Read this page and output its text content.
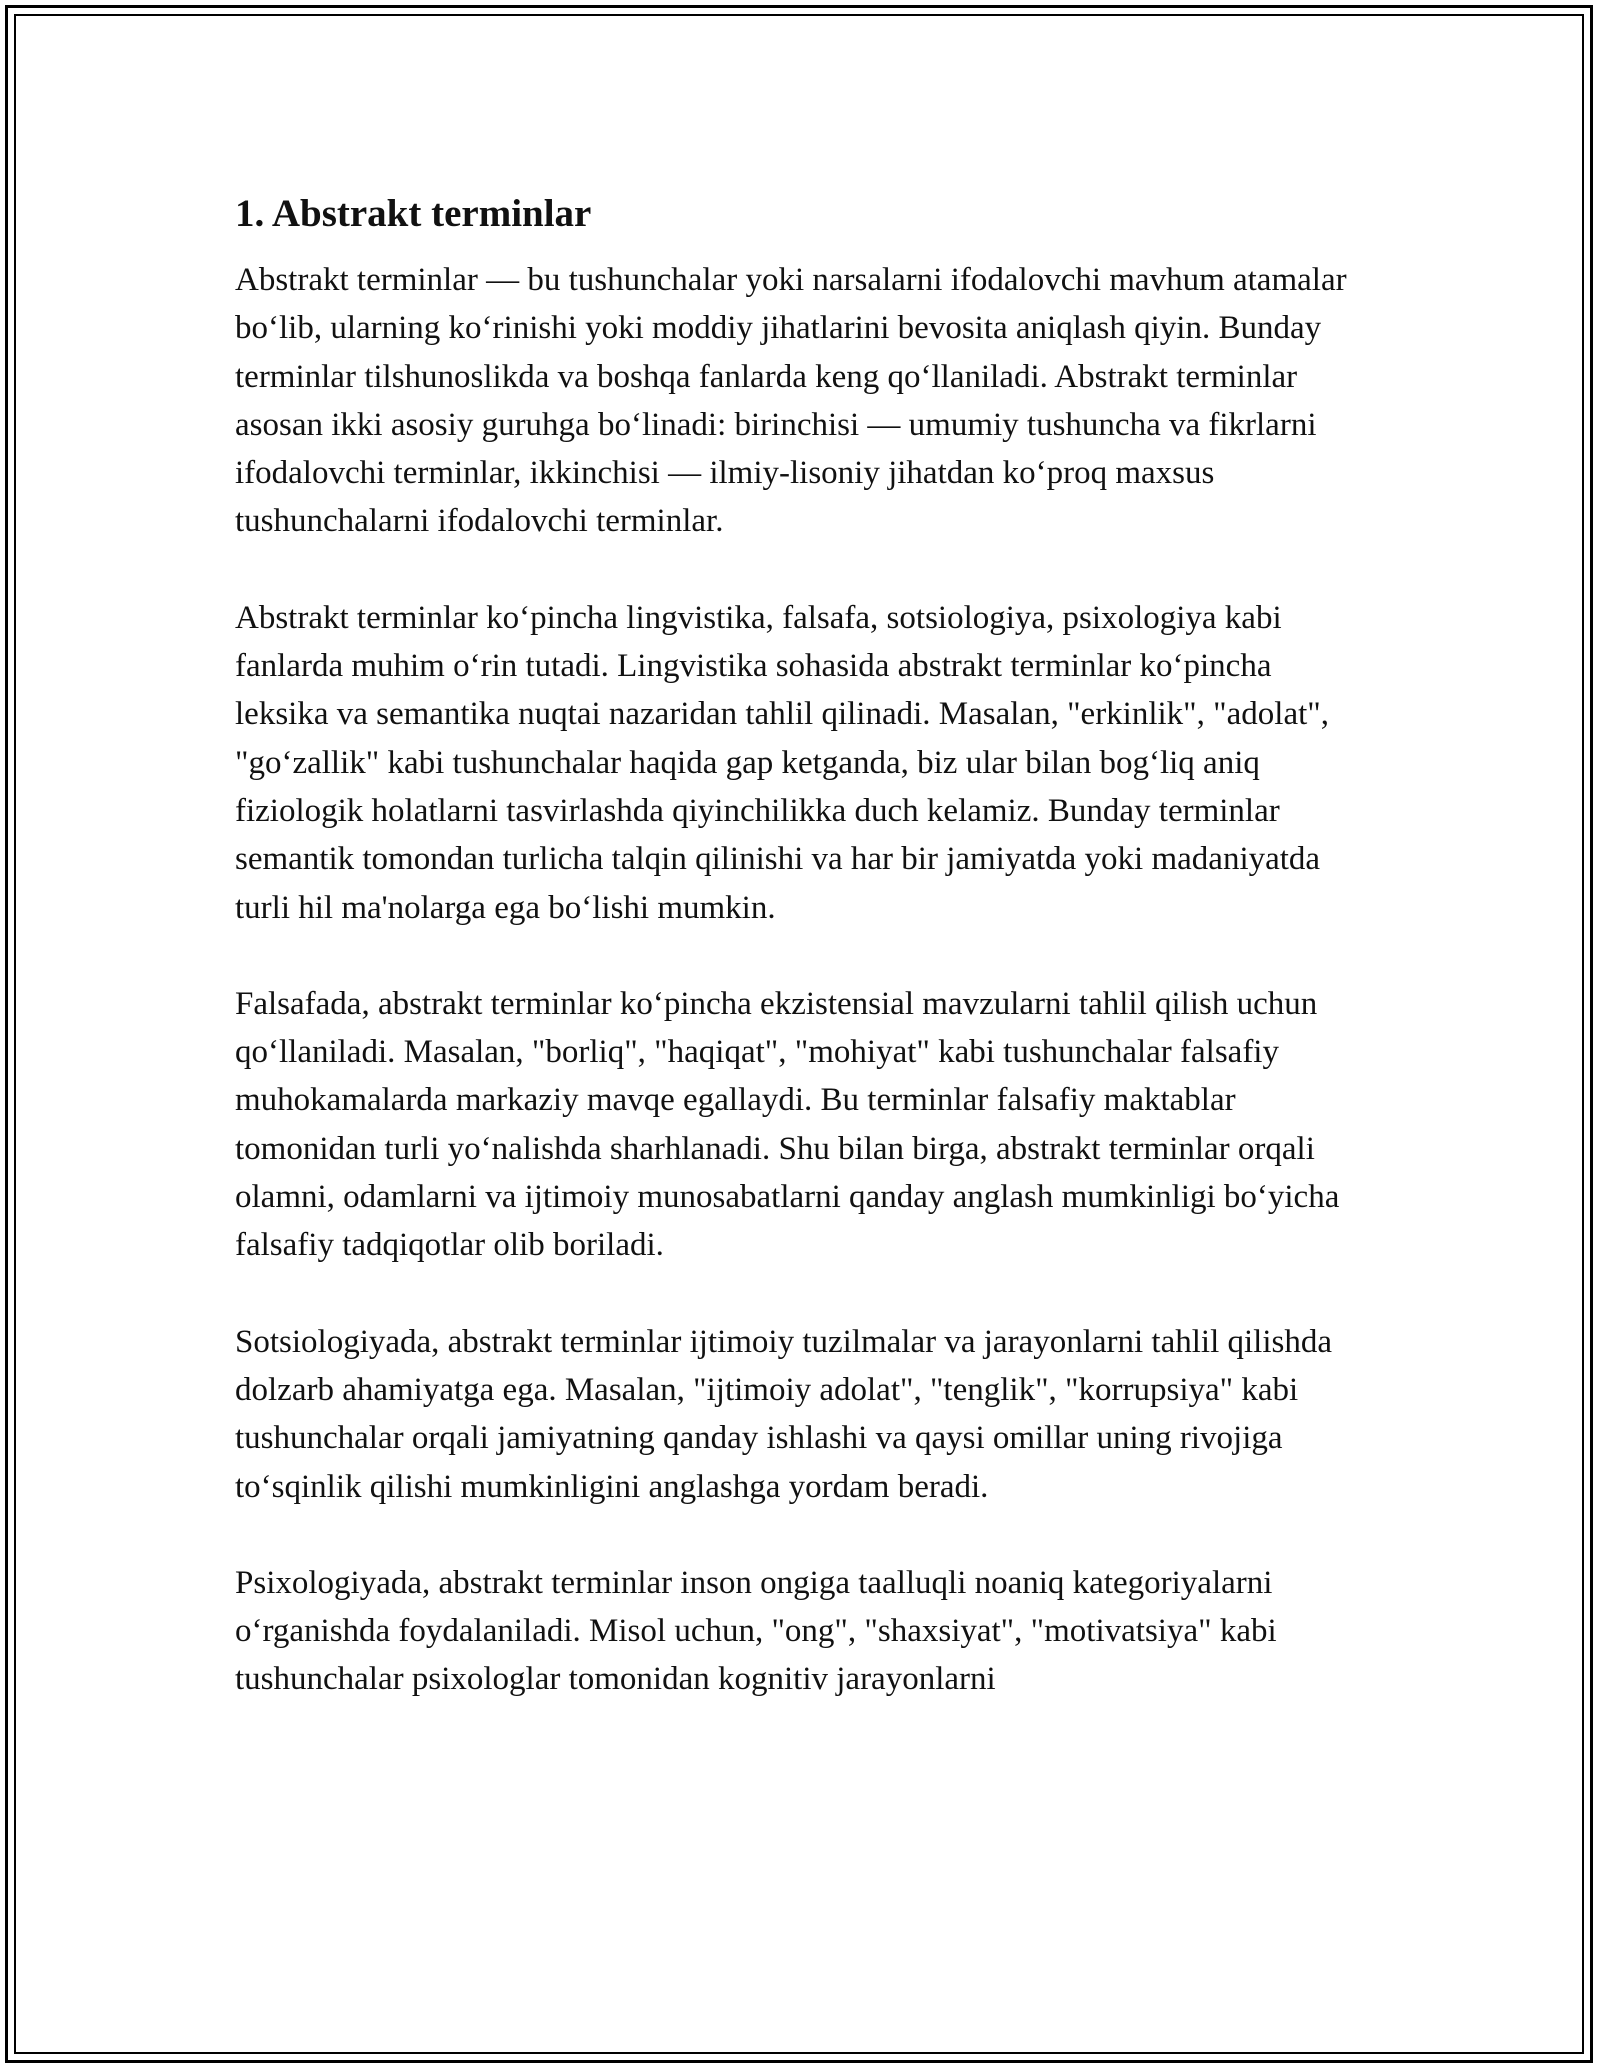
1. Abstrakt terminlar

Abstrakt terminlar — bu tushunchalar yoki narsalarni ifodalovchi mavhum atamalar bo‘lib, ularning ko‘rinishi yoki moddiy jihatlarini bevosita aniqlash qiyin. Bunday terminlar tilshunoslikda va boshqa fanlarda keng qo‘llaniladi. Abstrakt terminlar asosan ikki asosiy guruhga bo‘linadi: birinchisi — umumiy tushuncha va fikrlarni ifodalovchi terminlar, ikkinchisi — ilmiy-lisoniy jihatdan ko‘proq maxsus tushunchalarni ifodalovchi terminlar.

Abstrakt terminlar ko‘pincha lingvistika, falsafa, sotsiologiya, psixologiya kabi fanlarda muhim o‘rin tutadi. Lingvistika sohasida abstrakt terminlar ko‘pincha leksika va semantika nuqtai nazaridan tahlil qilinadi. Masalan, "erkinlik", "adolat", "go‘zallik" kabi tushunchalar haqida gap ketganda, biz ular bilan bog‘liq aniq fiziologik holatlarni tasvirlashda qiyinchilikka duch kelamiz. Bunday terminlar semantik tomondan turlicha talqin qilinishi va har bir jamiyatda yoki madaniyatda turli hil ma'nolarga ega bo‘lishi mumkin.

Falsafada, abstrakt terminlar ko‘pincha ekzistensial mavzularni tahlil qilish uchun qo‘llaniladi. Masalan, "borliq", "haqiqat", "mohiyat" kabi tushunchalar falsafiy muhokamalarda markaziy mavqe egallaydi. Bu terminlar falsafiy maktablar tomonidan turli yo‘nalishda sharhlanadi. Shu bilan birga, abstrakt terminlar orqali olamni, odamlarni va ijtimoiy munosabatlarni qanday anglash mumkinligi bo‘yicha falsafiy tadqiqotlar olib boriladi.

Sotsiologiyada, abstrakt terminlar ijtimoiy tuzilmalar va jarayonlarni tahlil qilishda dolzarb ahamiyatga ega. Masalan, "ijtimoiy adolat", "tenglik", "korrupsiya" kabi tushunchalar orqali jamiyatning qanday ishlashi va qaysi omillar uning rivojiga to‘sqinlik qilishi mumkinligini anglashga yordam beradi.

Psixologiyada, abstrakt terminlar inson ongiga taalluqli noaniq kategoriyalarni o‘rganishda foydalaniladi. Misol uchun, "ong", "shaxsiyat", "motivatsiya" kabi tushunchalar psixologlar tomonidan kognitiv jarayonlarni
